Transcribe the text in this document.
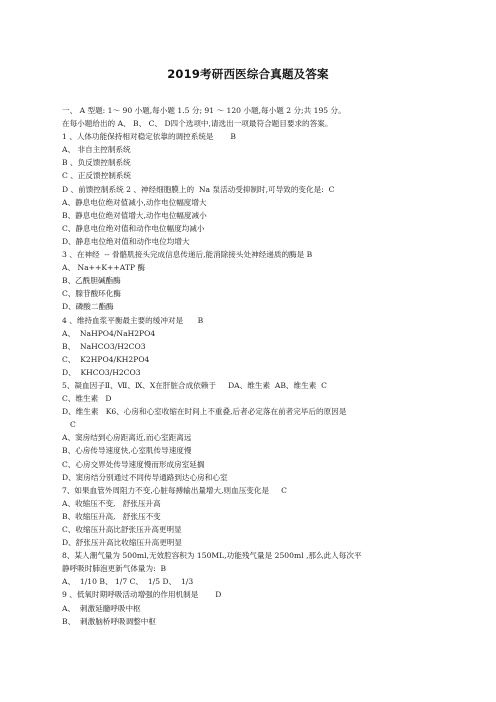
2019考研西医综合真题及答案
一、 A 型题: 1～ 90 小题,每小题 1.5 分; 91 ～ 120 小题,每小题 2 分;共 195 分。
在每小题给出的 A、 B、 C、 D四个选项中,请选出一项最符合题目要求的答案。
1 、人体功能保持相对稳定依靠的调控系统是       B
A、 非自主控制系统
B 、负反馈控制系统
C 、正反馈控制系统
D 、前馈控制系统 2 、神经细胞膜上的  Na 泵活动受抑制时,可导致的变化是:  C
A、静息电位绝对值减小,动作电位幅度增大
B、静息电位绝对值增大,动作电位幅度减小
C、静息电位绝对值和动作电位幅度均减小
D、静息电位绝对值和动作电位均增大
3 、在神经  -- 骨骼肌接头完成信息传递后,能消除接头处神经递质的酶是 B
A、 Na++K++ATP 酶
B、乙酰胆碱酯酶
C、腺苷酸环化酶
D、磷酸二酯酶
4 、维持血浆平衡最主要的缓冲对是      B
A、  NaHPO4/NaH2PO4
B、  NaHCO3/H2CO3
C、  K2HPO4/KH2PO4
D、  KHCO3/H2CO3
5、凝血因子Ⅱ、Ⅶ、Ⅸ、X在肝脏合成依赖于     DA、维生素  AB、维生素  C
C、维生素   D
D、维生素   K6、心房和心室收缩在时间上不重叠,后者必定落在前者完毕后的原因是
C
A、窦房结到心房距离近,而心室距离远
B、心房传导速度快,心室肌传导速度慢
C、心房交界处传导速度慢而形成房室延搁
D、窦房结分别通过不同传导通路到达心房和心室
7、如果血管外周阻力不变,心脏每搏输出量增大,则血压变化是     C
A、收缩压不变,   舒张压升高
B、收缩压升高,   舒张压不变
C、收缩压升高比舒张压升高更明显
D、舒张压升高比收缩压升高更明显
8、某人潮气量为 500ml,无效腔容积为 150ML,功能残气量是 2500ml ,那么此人每次平
静呼吸时肺泡更新气体量为:  B
A、  1/10 B、 1/7 C、  1/5 D、  1/3
9 、低氧时期呼吸活动增强的作用机制是       D
A、  刺激延髓呼吸中枢
B、  刺激脑桥呼吸调整中枢
